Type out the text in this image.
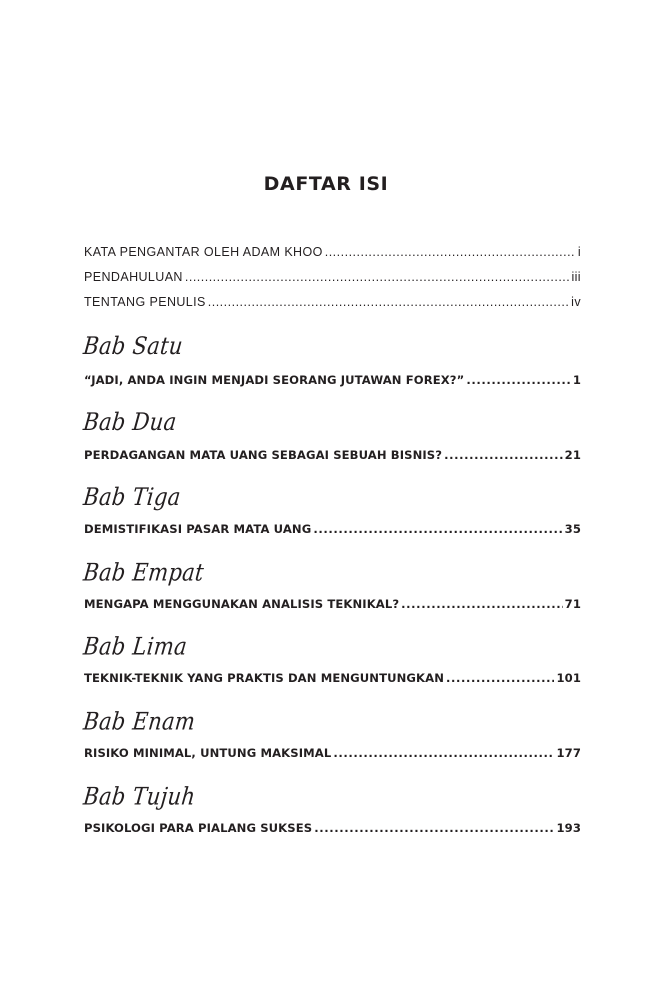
DAFTAR ISI
KATA PENGANTAR OLEH ADAM KHOO .....	i
PENDAHULUAN .....	iii
TENTANG PENULIS .....	iv
Bab Satu
“JADI, ANDA INGIN MENJADI SEORANG JUTAWAN FOREX?” .....	1
Bab Dua
PERDAGANGAN MATA UANG SEBAGAI SEBUAH BISNIS? .....	21
Bab Tiga
DEMISTIFIKASI PASAR MATA UANG .....	35
Bab Empat
MENGAPA MENGGUNAKAN ANALISIS TEKNIKAL? .....	71
Bab Lima
TEKNIK-TEKNIK YANG PRAKTIS DAN MENGUNTUNGKAN .....	101
Bab Enam
RISIKO MINIMAL, UNTUNG MAKSIMAL .....	177
Bab Tujuh
PSIKOLOGI PARA PIALANG SUKSES .....	193
